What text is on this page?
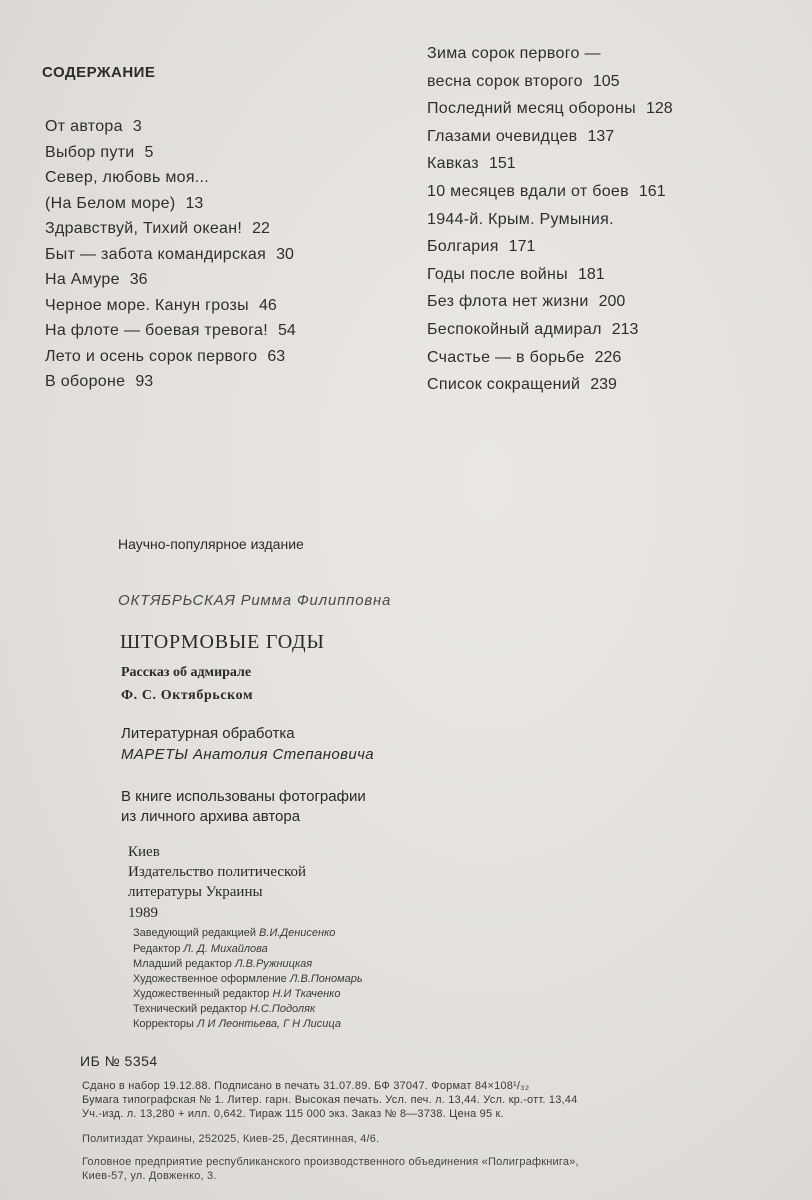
СОДЕРЖАНИЕ
От автора 3
Выбор пути 5
Север, любовь моя...
(На Белом море) 13
Здравствуй, Тихий океан! 22
Быт — забота командирская 30
На Амуре 36
Черное море. Канун грозы 46
На флоте — боевая тревога! 54
Лето и осень сорок первого 63
В обороне 93
Зима сорок первого —
весна сорок второго 105
Последний месяц обороны 128
Глазами очевидцев 137
Кавказ 151
10 месяцев вдали от боев 161
1944-й. Крым. Румыния.
Болгария 171
Годы после войны 181
Без флота нет жизни 200
Беспокойный адмирал 213
Счастье — в борьбе 226
Список сокращений 239
Научно-популярное издание
ОКТЯБРЬСКАЯ Римма Филипповна
ШТОРМОВЫЕ ГОДЫ
Рассказ об адмирале
Ф. С. Октябрьском
Литературная обработка
МАРЕТЫ Анатолия Степановича
В книге использованы фотографии
из личного архива автора
Киев
Издательство политической
литературы Украины
1989
Заведующий редакцией В.И.Денисенко
Редактор Л. Д. Михайлова
Младший редактор Л.В.Ружницкая
Художественное оформление Л.В.Пономарь
Художественный редактор Н.И Ткаченко
Технический редактор Н.С.Подоляк
Корректоры Л И Леонтьева, Г Н Лисица
ИБ № 5354
Сдано в набор 19.12.88. Подписано в печать 31.07.89. БФ 37047. Формат 84×108¹/₃₂
Бумага типографская № 1. Литер. гарн. Высокая печать. Усл. печ. л. 13,44. Усл. кр.-отт. 13,44
Уч.-изд. л. 13,280 + илл. 0,642. Тираж 115 000 экз. Заказ № 8—3738. Цена 95 к.
Политиздат Украины, 252025, Киев-25, Десятинная, 4/6.
Головное предприятие республиканского производственного объединения «Полиграфкнига»,
Киев-57, ул. Довженко, 3.
